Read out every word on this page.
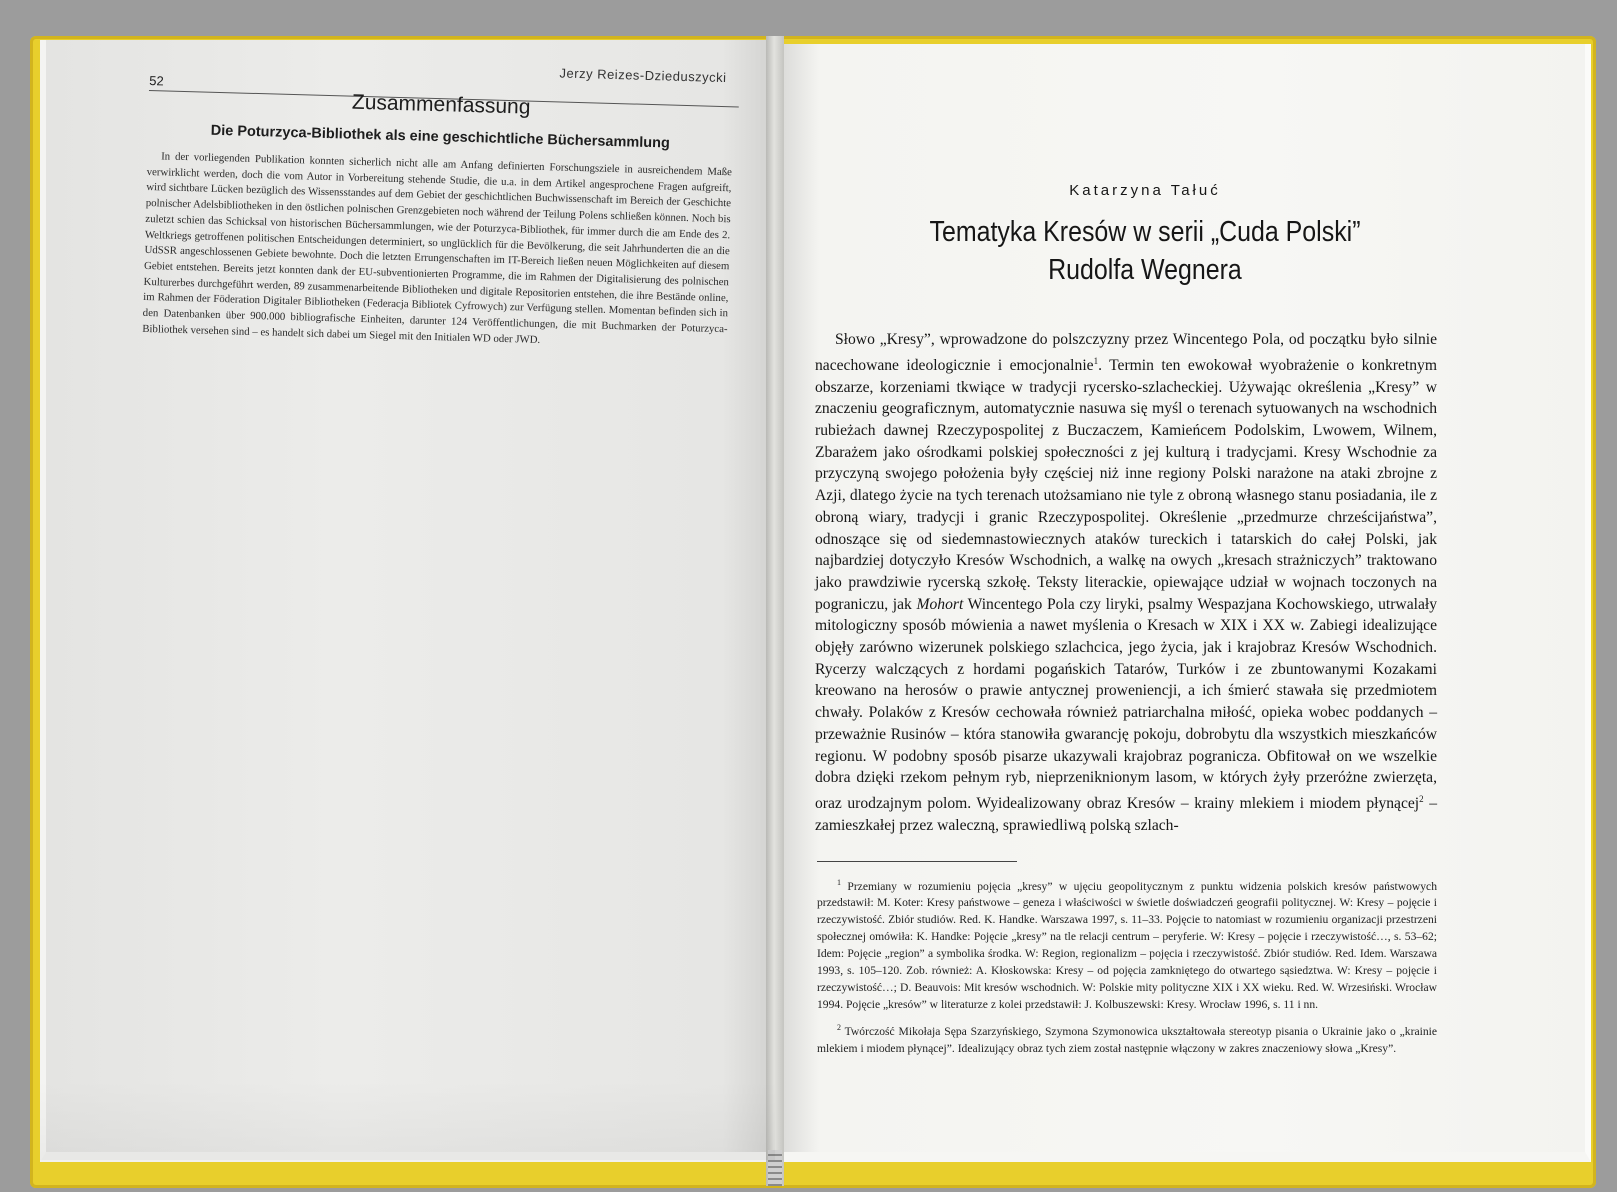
Jerzy Reizes-Dzieduszycki
52
Zusammenfassung
Die Poturzyca-Bibliothek als eine geschichtliche Büchersammlung
In der vorliegenden Publikation konnten sicherlich nicht alle am Anfang definierten Forschungsziele in ausreichendem Maße verwirklicht werden, doch die vom Autor in Vorbereitung stehende Studie, die u.a. in dem Artikel angesprochene Fragen aufgreift, wird sichtbare Lücken bezüglich des Wissensstandes auf dem Gebiet der geschichtlichen Buchwissenschaft im Bereich der Geschichte polnischer Adelsbibliotheken in den östlichen polnischen Grenzgebieten noch während der Teilung Polens schließen können. Noch bis zuletzt schien das Schicksal von historischen Büchersammlungen, wie der Poturzyca-Bibliothek, für immer durch die am Ende des 2. Weltkriegs getroffenen politischen Entscheidungen determiniert, so unglücklich für die Bevölkerung, die seit Jahrhunderten die an die UdSSR angeschlossenen Gebiete bewohnte. Doch die letzten Errungenschaften im IT-Bereich ließen neuen Möglichkeiten auf diesem Gebiet entstehen. Bereits jetzt konnten dank der EU-subventionierten Programme, die im Rahmen der Digitalisierung des polnischen Kulturerbes durchgeführt werden, 89 zusammenarbeitende Bibliotheken und digitale Repositorien entstehen, die ihre Bestände online, im Rahmen der Föderation Digitaler Bibliotheken (Federacja Bibliotek Cyfrowych) zur Verfügung stellen. Momentan befinden sich in den Datenbanken über 900.000 bibliografische Einheiten, darunter 124 Veröffentlichungen, die mit Buchmarken der Poturzyca-Bibliothek versehen sind – es handelt sich dabei um Siegel mit den Initialen WD oder JWD.
Katarzyna Tałuć
Tematyka Kresów w serii „Cuda Polski”
Rudolfa Wegnera
Słowo „Kresy”, wprowadzone do polszczyzny przez Wincentego Pola, od początku było silnie nacechowane ideologicznie i emocjonalnie$^1$. Termin ten ewokował wyobrażenie o konkretnym obszarze, korzeniami tkwiące w tradycji rycersko-szlacheckiej. Używając określenia „Kresy” w znaczeniu geograficznym, automatycznie nasuwa się myśl o terenach sytuowanych na wschodnich rubieżach dawnej Rzeczypospolitej z Buczaczem, Kamieńcem Podolskim, Lwowem, Wilnem, Zbarażem jako ośrodkami polskiej społeczności z jej kulturą i tradycjami. Kresy Wschodnie za przyczyną swojego położenia były częściej niż inne regiony Polski narażone na ataki zbrojne z Azji, dlatego życie na tych terenach utożsamiano nie tyle z obroną własnego stanu posiadania, ile z obroną wiary, tradycji i granic Rzeczypospolitej. Określenie „przedmurze chrześcijaństwa”, odnoszące się od siedemnastowiecznych ataków tureckich i tatarskich do całej Polski, jak najbardziej dotyczyło Kresów Wschodnich, a walkę na owych „kresach strażniczych” traktowano jako prawdziwie rycerską szkołę. Teksty literackie, opiewające udział w wojnach toczonych na pograniczu, jak Mohort Wincentego Pola czy liryki, psalmy Wespazjana Kochowskiego, utrwalały mitologiczny sposób mówienia a nawet myślenia o Kresach w XIX i XX w. Zabiegi idealizujące objęły zarówno wizerunek polskiego szlachcica, jego życia, jak i krajobraz Kresów Wschodnich. Rycerzy walczących z hordami pogańskich Tatarów, Turków i ze zbuntowanymi Kozakami kreowano na herosów o prawie antycznej proweniencji, a ich śmierć stawała się przedmiotem chwały. Polaków z Kresów cechowała również patriarchalna miłość, opieka wobec poddanych – przeważnie Rusinów – która stanowiła gwarancję pokoju, dobrobytu dla wszystkich mieszkańców regionu. W podobny sposób pisarze ukazywali krajobraz pogranicza. Obfitował on we wszelkie dobra dzięki rzekom pełnym ryb, nieprzeniknionym lasom, w których żyły przeróżne zwierzęta, oraz urodzajnym polom. Wyidealizowany obraz Kresów – krainy mlekiem i miodem płynącej$^2$ – zamieszkałej przez waleczną, sprawiedliwą polską szlach-
$^1$ Przemiany w rozumieniu pojęcia „kresy” w ujęciu geopolitycznym z punktu widzenia polskich kresów państwowych przedstawił: M. Koter: Kresy państwowe – geneza i właściwości w świetle doświadczeń geografii politycznej. W: Kresy – pojęcie i rzeczywistość. Zbiór studiów. Red. K. Handke. Warszawa 1997, s. 11–33. Pojęcie to natomiast w rozumieniu organizacji przestrzeni społecznej omówiła: K. Handke: Pojęcie „kresy” na tle relacji centrum – peryferie. W: Kresy – pojęcie i rzeczywistość…, s. 53–62; Idem: Pojęcie „region” a symbolika środka. W: Region, regionalizm – pojęcia i rzeczywistość. Zbiór studiów. Red. Idem. Warszawa 1993, s. 105–120. Zob. również: A. Kłoskowska: Kresy – od pojęcia zamkniętego do otwartego sąsiedztwa. W: Kresy – pojęcie i rzeczywistość…; D. Beauvois: Mit kresów wschodnich. W: Polskie mity polityczne XIX i XX wieku. Red. W. Wrzesiński. Wrocław 1994. Pojęcie „kresów” w literaturze z kolei przedstawił: J. Kolbuszewski: Kresy. Wrocław 1996, s. 11 i nn.
$^2$ Twórczość Mikołaja Sępa Szarzyńskiego, Szymona Szymonowica ukształtowała stereotyp pisania o Ukrainie jako o „krainie mlekiem i miodem płynącej”. Idealizujący obraz tych ziem został następnie włączony w zakres znaczeniowy słowa „Kresy”.
